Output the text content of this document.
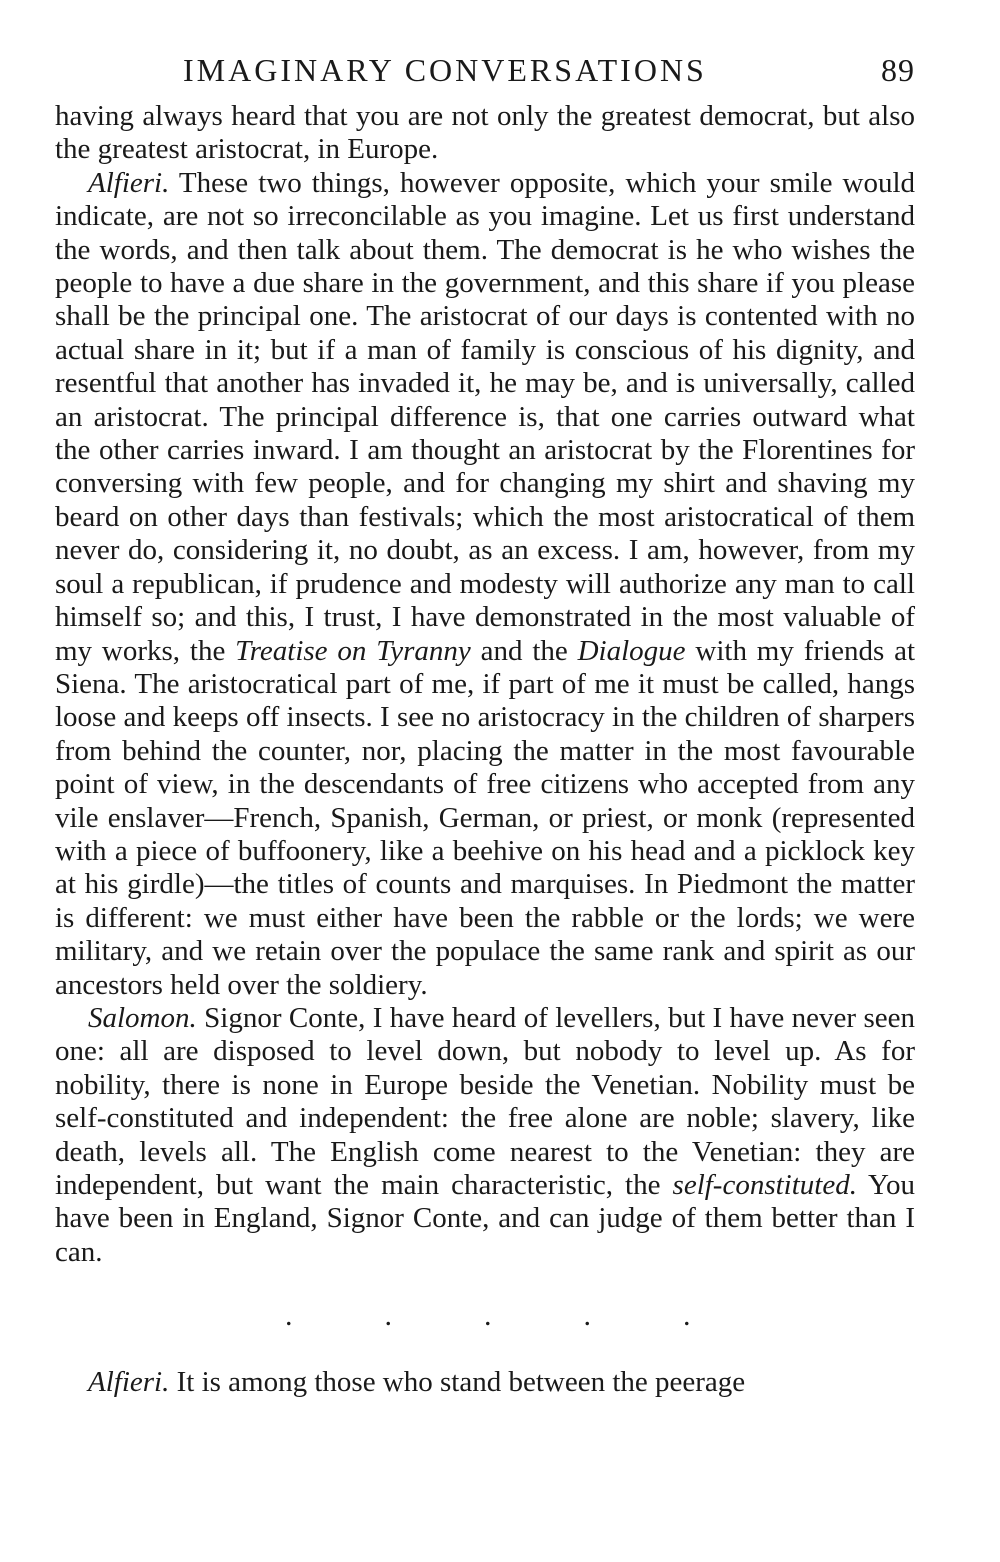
IMAGINARY CONVERSATIONS	89

having always heard that you are not only the greatest democrat, but also the greatest aristocrat, in Europe.

Alfieri. These two things, however opposite, which your smile would indicate, are not so irreconcilable as you imagine. Let us first understand the words, and then talk about them. The democrat is he who wishes the people to have a due share in the government, and this share if you please shall be the principal one. The aristocrat of our days is contented with no actual share in it; but if a man of family is conscious of his dignity, and resentful that another has invaded it, he may be, and is universally, called an aristocrat. The principal difference is, that one carries outward what the other carries inward. I am thought an aristocrat by the Florentines for conversing with few people, and for changing my shirt and shaving my beard on other days than festivals; which the most aristocratical of them never do, considering it, no doubt, as an excess. I am, however, from my soul a republican, if prudence and modesty will authorize any man to call himself so; and this, I trust, I have demonstrated in the most valuable of my works, the Treatise on Tyranny and the Dialogue with my friends at Siena. The aristocratical part of me, if part of me it must be called, hangs loose and keeps off insects. I see no aristocracy in the children of sharpers from behind the counter, nor, placing the matter in the most favourable point of view, in the descendants of free citizens who accepted from any vile enslaver—French, Spanish, German, or priest, or monk (represented with a piece of buffoonery, like a beehive on his head and a picklock key at his girdle)—the titles of counts and marquises. In Piedmont the matter is different: we must either have been the rabble or the lords; we were military, and we retain over the populace the same rank and spirit as our ancestors held over the soldiery.

Salomon. Signor Conte, I have heard of levellers, but I have never seen one: all are disposed to level down, but nobody to level up. As for nobility, there is none in Europe beside the Venetian. Nobility must be self-constituted and independent: the free alone are noble; slavery, like death, levels all. The English come nearest to the Venetian: they are independent, but want the main characteristic, the self-constituted. You have been in England, Signor Conte, and can judge of them better than I can.

.	.	.	.	.

Alfieri. It is among those who stand between the peerage
